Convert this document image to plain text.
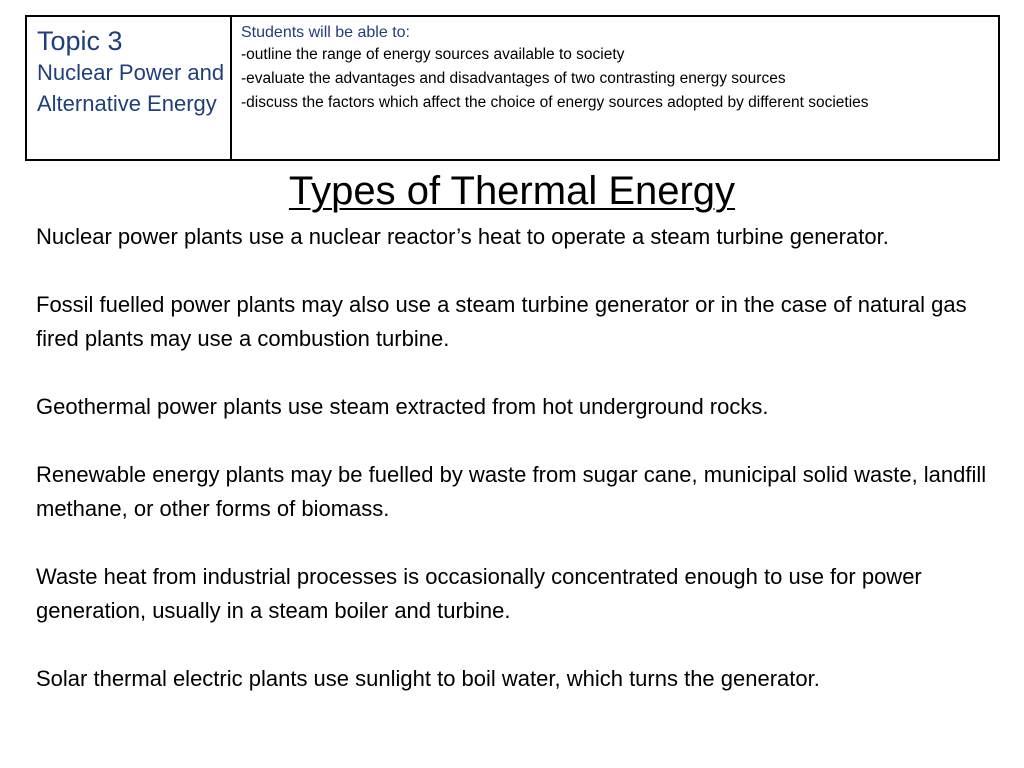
Topic 3
Nuclear Power and Alternative Energy
Students will be able to:
-outline the range of energy sources available to society
-evaluate the advantages and disadvantages of two contrasting energy sources
-discuss the factors which affect the choice of energy sources adopted by different societies
Types of Thermal Energy

Nuclear power plants use a nuclear reactor’s heat to operate a steam turbine generator.

Fossil fuelled power plants may also use a steam turbine generator or in the case of natural gas fired plants may use a combustion turbine.

Geothermal power plants use steam extracted from hot underground rocks.

Renewable energy plants may be fuelled by waste from sugar cane, municipal solid waste, landfill methane, or other forms of biomass.

Waste heat from industrial processes is occasionally concentrated enough to use for power generation, usually in a steam boiler and turbine.

Solar thermal electric plants use sunlight to boil water, which turns the generator.
